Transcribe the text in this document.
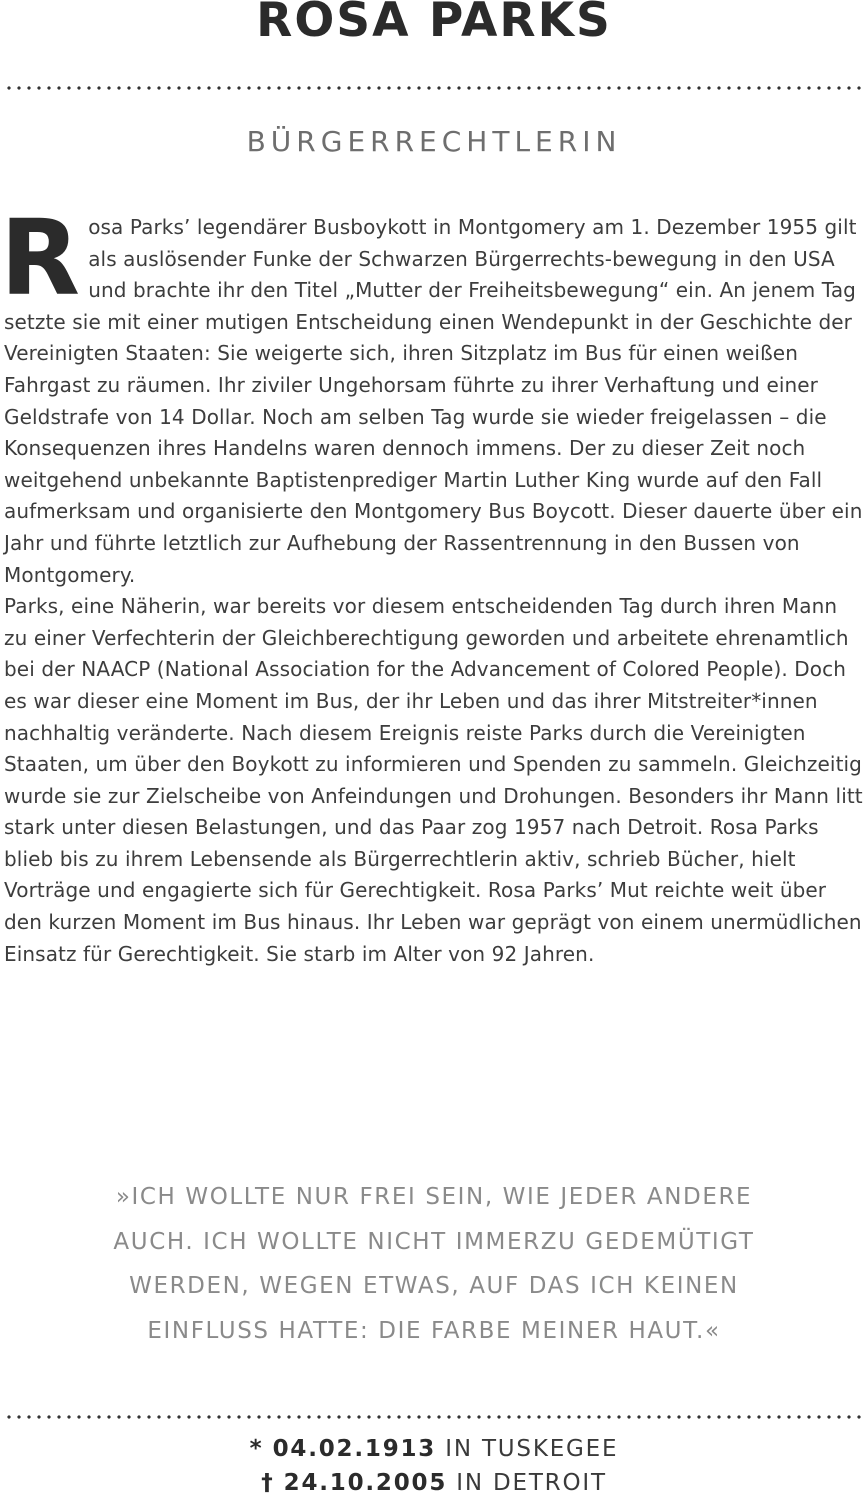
ROSA PARKS
BÜRGERRECHTLERIN

Rosa Parks’ legendärer Busboykott in Montgomery am 1. Dezember 1955 gilt als auslösender Funke der Schwarzen Bürgerrechts-bewegung in den USA und brachte ihr den Titel „Mutter der Freiheitsbewegung“ ein. An jenem Tag setzte sie mit einer mutigen Entscheidung einen Wendepunkt in der Geschichte der Vereinigten Staaten: Sie weigerte sich, ihren Sitzplatz im Bus für einen weißen Fahrgast zu räumen. Ihr ziviler Ungehorsam führte zu ihrer Verhaftung und einer Geldstrafe von 14 Dollar. Noch am selben Tag wurde sie wieder freigelassen – die Konsequenzen ihres Handelns waren dennoch immens. Der zu dieser Zeit noch weitgehend unbekannte Baptistenprediger Martin Luther King wurde auf den Fall aufmerksam und organisierte den Montgomery Bus Boycott. Dieser dauerte über ein Jahr und führte letztlich zur Aufhebung der Rassentrennung in den Bussen von Montgomery.
Parks, eine Näherin, war bereits vor diesem entscheidenden Tag durch ihren Mann zu einer Verfechterin der Gleichberechtigung geworden und arbeitete ehrenamtlich bei der NAACP (National Association for the Advancement of Colored People). Doch es war dieser eine Moment im Bus, der ihr Leben und das ihrer Mitstreiter*innen nachhaltig veränderte. Nach diesem Ereignis reiste Parks durch die Vereinigten Staaten, um über den Boykott zu informieren und Spenden zu sammeln. Gleichzeitig wurde sie zur Zielscheibe von Anfeindungen und Drohungen. Besonders ihr Mann litt stark unter diesen Belastungen, und das Paar zog 1957 nach Detroit. Rosa Parks blieb bis zu ihrem Lebensende als Bürgerrechtlerin aktiv, schrieb Bücher, hielt Vorträge und engagierte sich für Gerechtigkeit. Rosa Parks’ Mut reichte weit über den kurzen Moment im Bus hinaus. Ihr Leben war geprägt von einem unermüdlichen Einsatz für Gerechtigkeit. Sie starb im Alter von 92 Jahren.

»ICH WOLLTE NUR FREI SEIN, WIE JEDER ANDERE AUCH. ICH WOLLTE NICHT IMMERZU GEDEMÜTIGT WERDEN, WEGEN ETWAS, AUF DAS ICH KEINEN EINFLUSS HATTE: DIE FARBE MEINER HAUT.«

* 04.02.1913 IN TUSKEGEE
† 24.10.2005 IN DETROIT
